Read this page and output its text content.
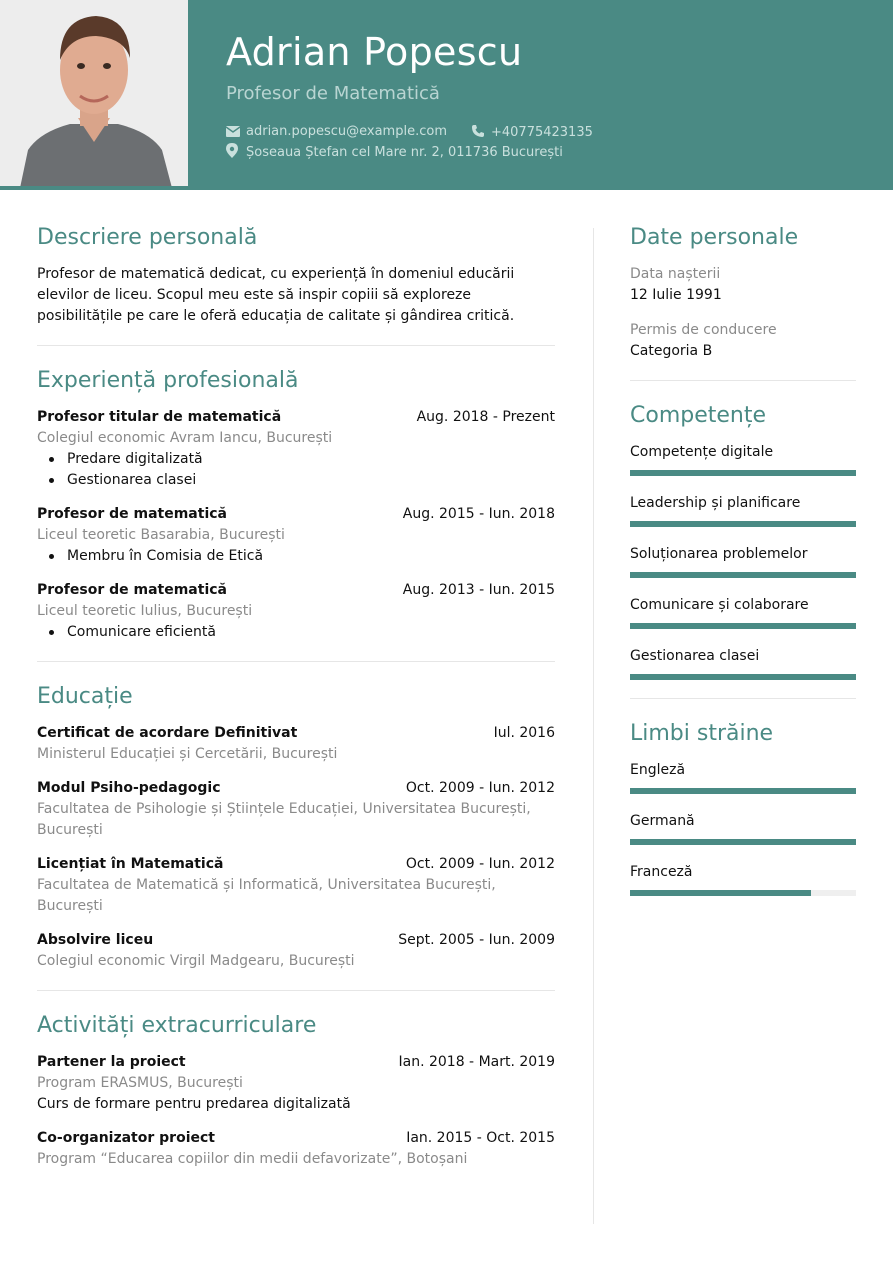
Adrian Popescu
Profesor de Matematică
adrian.popescu@example.com	+40775423135
Șoseaua Ștefan cel Mare nr. 2, 011736 București
Descriere personală

Profesor de matematică dedicat, cu experiență în domeniul educării elevilor de liceu. Scopul meu este să inspir copiii să exploreze posibilitățile pe care le oferă educația de calitate și gândirea critică.

Experiență profesională
Profesor titular de matematică	Aug. 2018 - Prezent
Colegiul economic Avram Iancu, București
Predare digitalizată
Gestionarea clasei
Profesor de matematică	Aug. 2015 - Iun. 2018
Liceul teoretic Basarabia, București
Membru în Comisia de Etică
Profesor de matematică	Aug. 2013 - Iun. 2015
Liceul teoretic Iulius, București
Comunicare eficientă
Educație
Certificat de acordare Definitivat	Iul. 2016
Ministerul Educației și Cercetării, București
Modul Psiho-pedagogic	Oct. 2009 - Iun. 2012
Facultatea de Psihologie și Științele Educației, Universitatea București, București
Licențiat în Matematică	Oct. 2009 - Iun. 2012
Facultatea de Matematică și Informatică, Universitatea București, București
Absolvire liceu	Sept. 2005 - Iun. 2009
Colegiul economic Virgil Madgearu, București
Activități extracurriculare
Partener la proiect	Ian. 2018 - Mart. 2019
Program ERASMUS, București
Curs de formare pentru predarea digitalizată
Co-organizator proiect	Ian. 2015 - Oct. 2015
Program “Educarea copiilor din medii defavorizate”, Botoșani
Date personale
Data nașterii
12 Iulie 1991
Permis de conducere
Categoria B
Competențe
Competențe digitale
Leadership și planificare
Soluționarea problemelor
Comunicare și colaborare
Gestionarea clasei
Limbi străine
Engleză
Germană
Franceză
